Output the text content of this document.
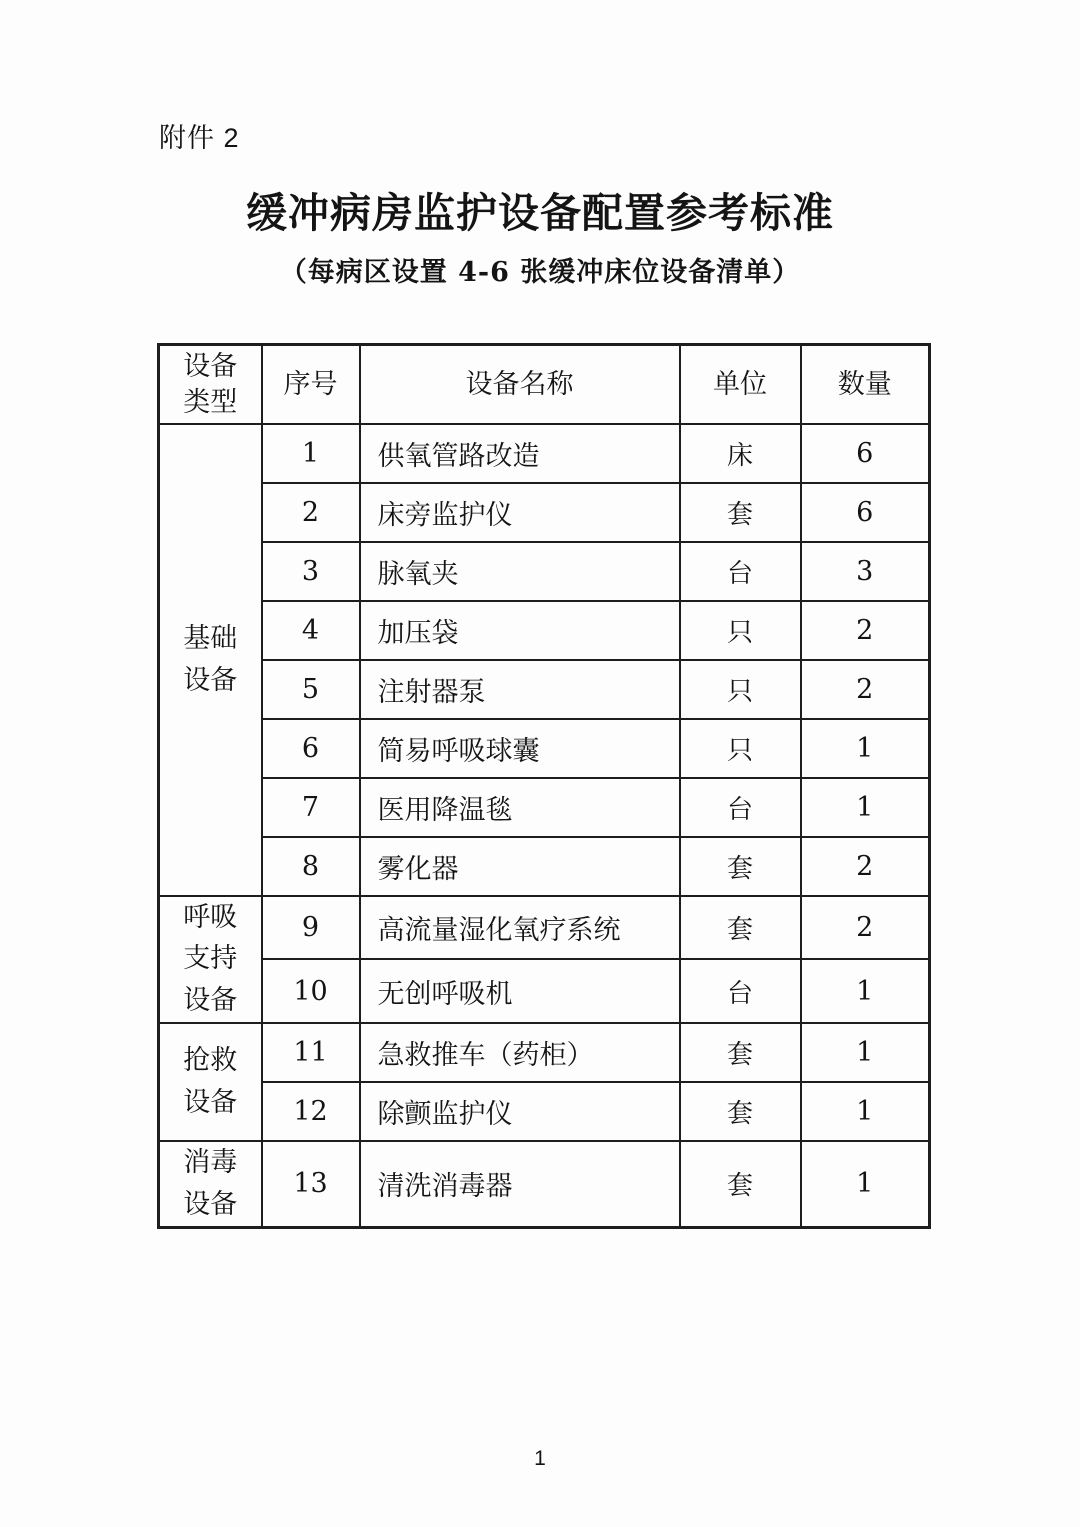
附件 2
缓冲病房监护设备配置参考标准
（每病区设置 4-6 张缓冲床位设备清单）
设备类型	序号	设备名称	单位	数量
基础设备	1	供氧管路改造	床	6
	2	床旁监护仪	套	6
	3	脉氧夹	台	3
	4	加压袋	只	2
	5	注射器泵	只	2
	6	简易呼吸球囊	只	1
	7	医用降温毯	台	1
	8	雾化器	套	2
呼吸支持设备	9	高流量湿化氧疗系统	套	2
	10	无创呼吸机	台	1
抢救设备	11	急救推车（药柜）	套	1
	12	除颤监护仪	套	1
消毒设备	13	清洗消毒器	套	1
1
